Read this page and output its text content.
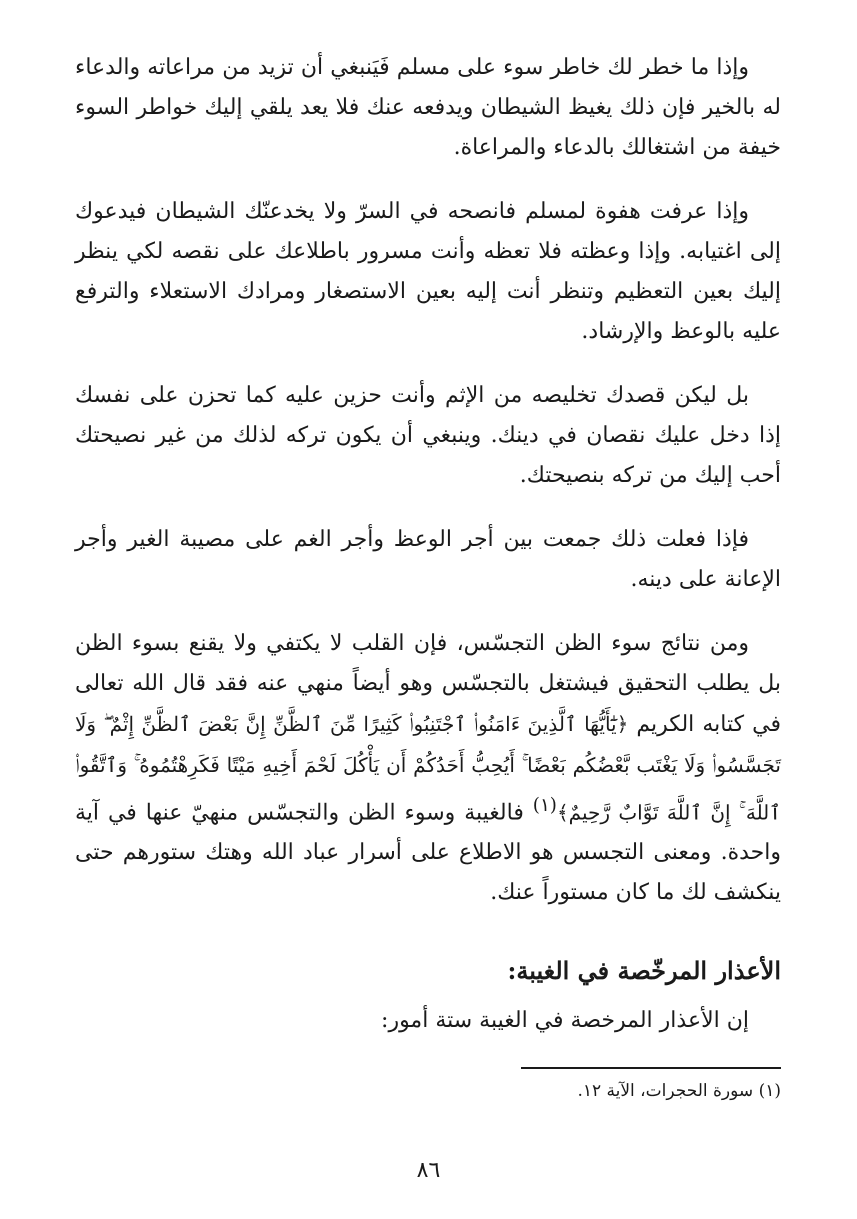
وإذا ما خطر لك خاطر سوء على مسلم فَيَنبغي أن تزيد من مراعاته والدعاء له بالخير فإن ذلك يغيظ الشيطان ويدفعه عنك فلا يعد يلقي إليك خواطر السوء خيفة من اشتغالك بالدعاء والمراعاة.

وإذا عرفت هفوة لمسلم فانصحه في السرّ ولا يخدعنّك الشيطان فيدعوك إلى اغتيابه. وإذا وعظته فلا تعظه وأنت مسرور باطلاعك على نقصه لكي ينظر إليك بعين التعظيم وتنظر أنت إليه بعين الاستصغار ومرادك الاستعلاء والترفع عليه بالوعظ والإرشاد.

بل ليكن قصدك تخليصه من الإثم وأنت حزين عليه كما تحزن على نفسك إذا دخل عليك نقصان في دينك. وينبغي أن يكون تركه لذلك من غير نصيحتك أحب إليك من تركه بنصيحتك.

فإذا فعلت ذلك جمعت بين أجر الوعظ وأجر الغم على مصيبة الغير وأجر الإعانة على دينه.

ومن نتائج سوء الظن التجسّس، فإن القلب لا يكتفي ولا يقنع بسوء الظن بل يطلب التحقيق فيشتغل بالتجسّس وهو أيضاً منهي عنه فقد قال الله تعالى في كتابه الكريم ﴿يَٰٓأَيُّهَا ٱلَّذِينَ ءَامَنُوا۟ ٱجْتَنِبُوا۟ كَثِيرًا مِّنَ ٱلظَّنِّ إِنَّ بَعْضَ ٱلظَّنِّ إِثْمٌ ۖ وَلَا تَجَسَّسُوا۟ وَلَا يَغْتَب بَّعْضُكُم بَعْضًا ۚ أَيُحِبُّ أَحَدُكُمْ أَن يَأْكُلَ لَحْمَ أَخِيهِ مَيْتًا فَكَرِهْتُمُوهُ ۚ وَٱتَّقُوا۟ ٱللَّهَ ۚ إِنَّ ٱللَّهَ تَوَّابٌ رَّحِيمٌ﴾$^{(١)}$ فالغيبة وسوء الظن والتجسّس منهيّ عنها في آية واحدة. ومعنى التجسس هو الاطلاع على أسرار عباد الله وهتك ستورهم حتى ينكشف لك ما كان مستوراً عنك.

الأعذار المرخّصة في الغيبة:

إن الأعذار المرخصة في الغيبة ستة أمور:

(١) سورة الحجرات، الآية ١٢.

٨٦
